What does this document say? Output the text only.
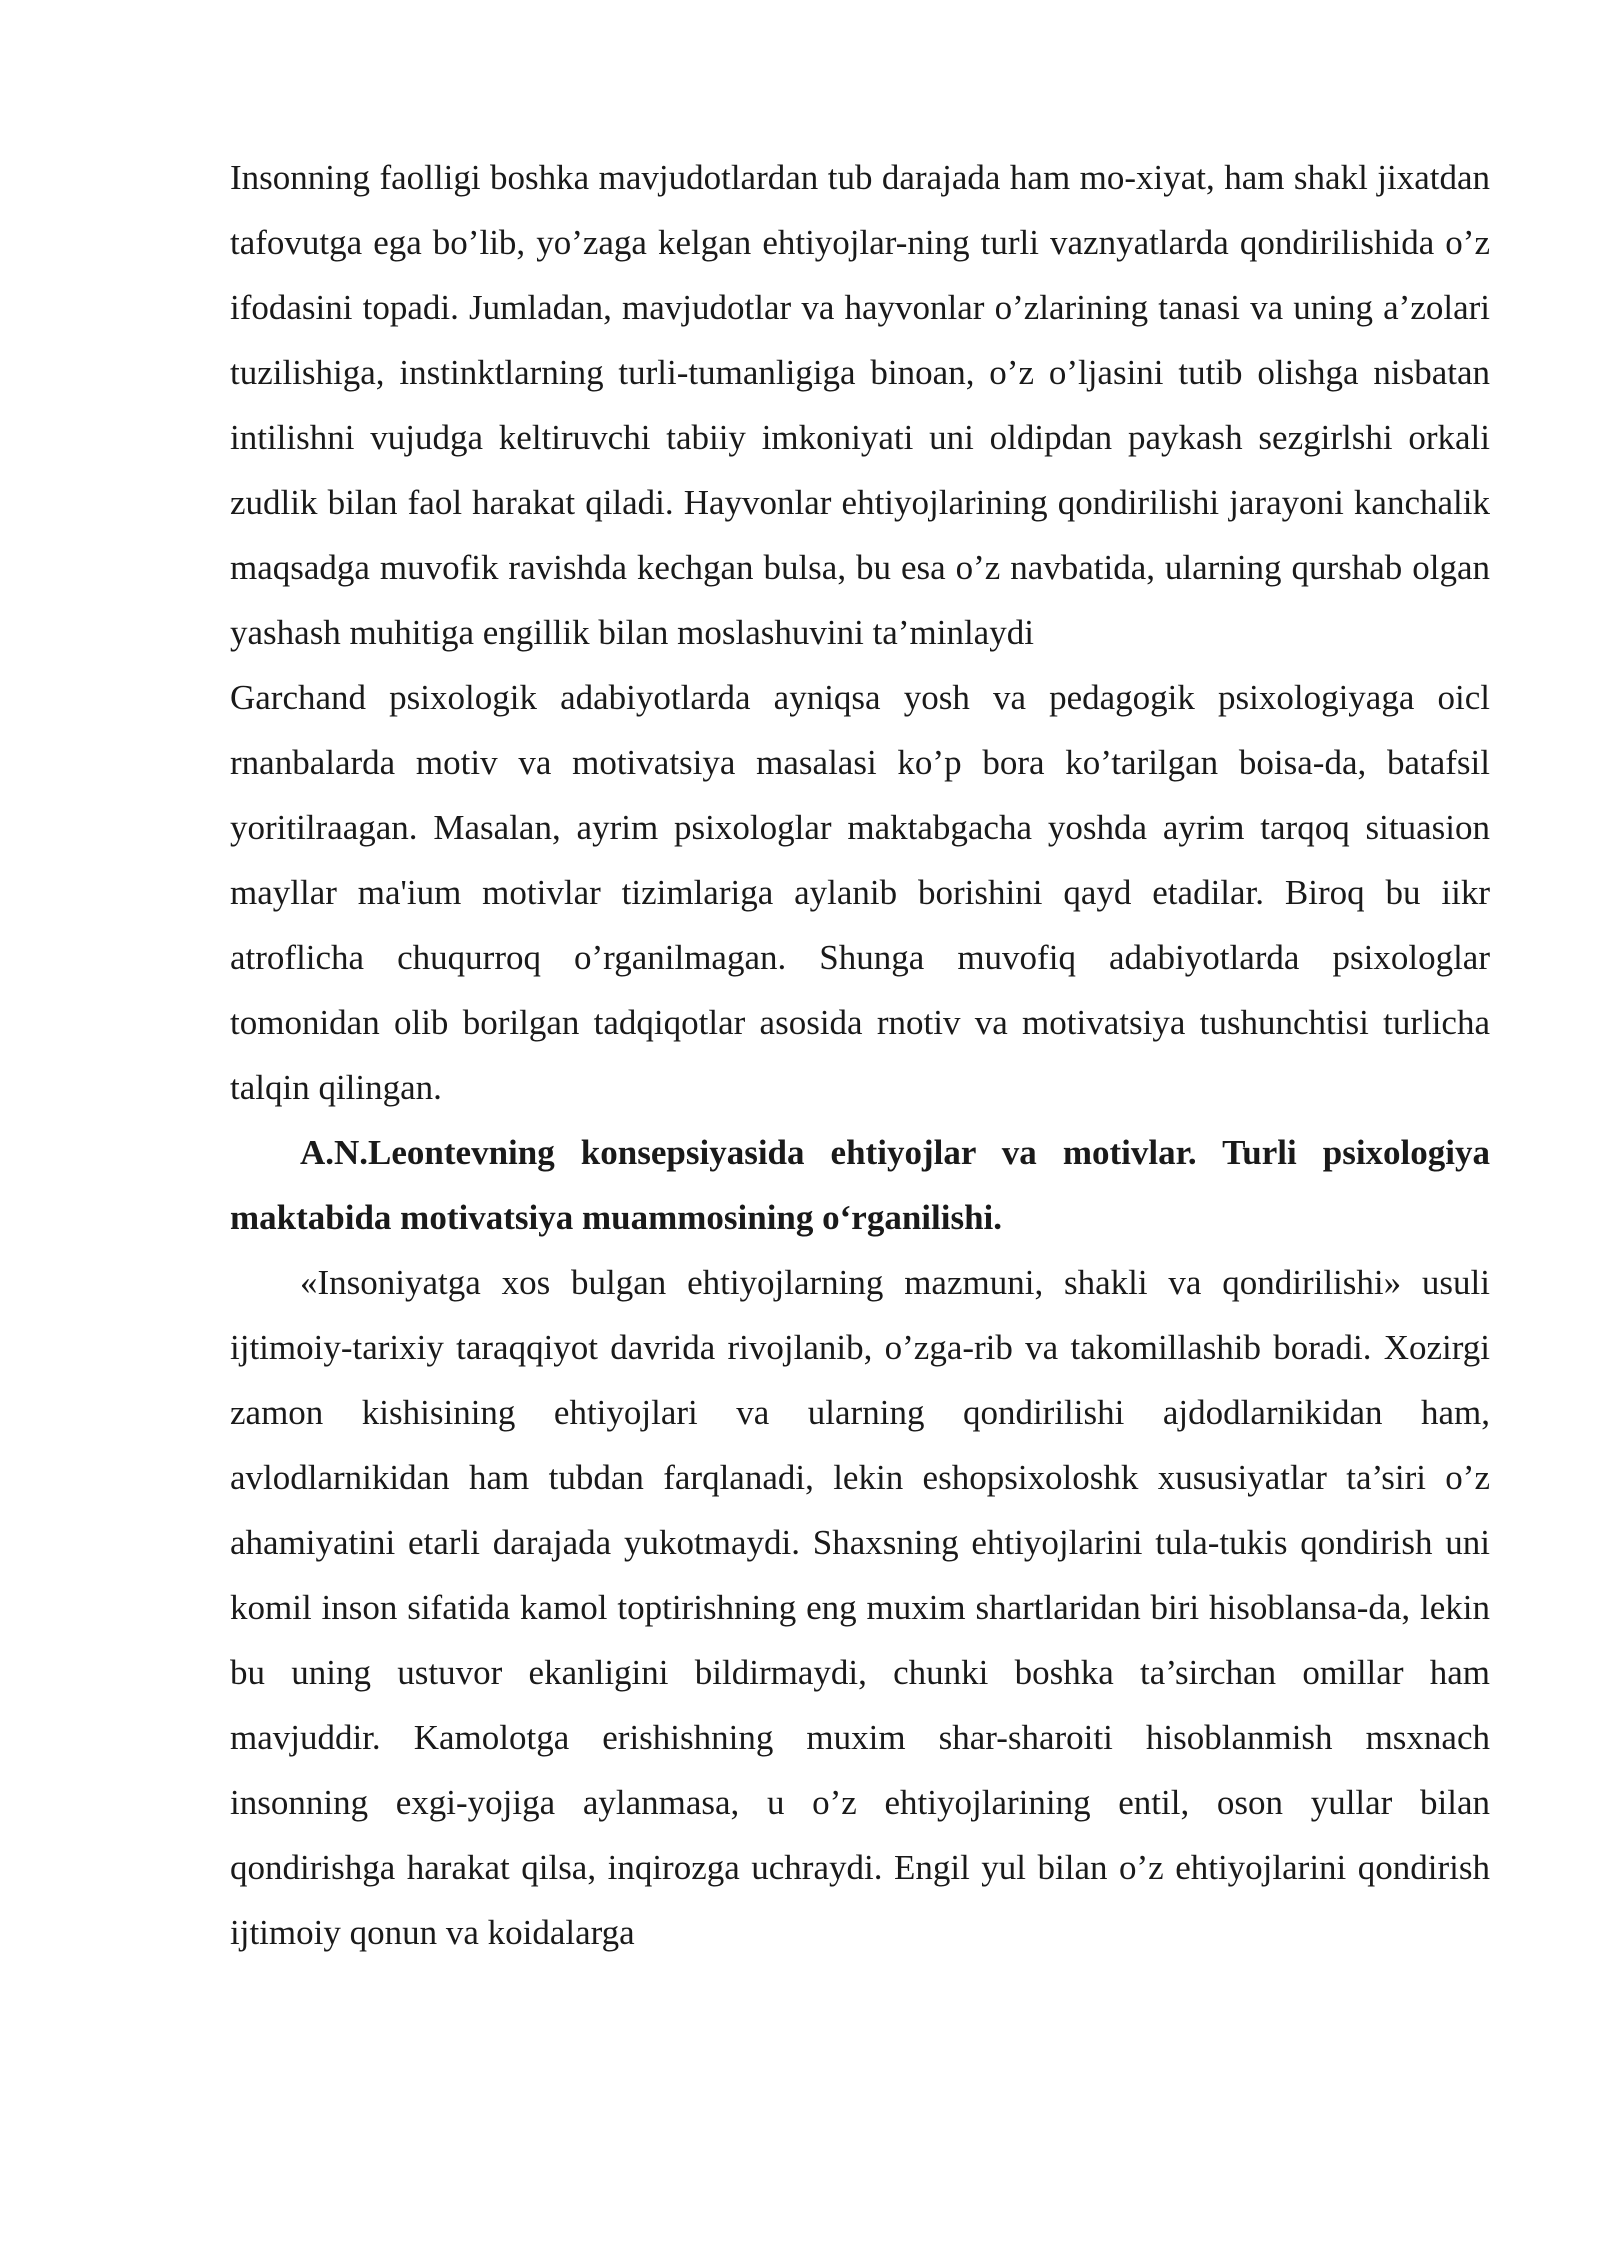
Insonning faolligi boshka mavjudotlardan tub darajada ham mo-xiyat, ham shakl jixatdan tafovutga ega bo’lib, yo’zaga kelgan ehtiyojlar-ning turli vaznyatlarda qondirilishida o’z ifodasini topadi. Jumladan, mavjudotlar va hayvonlar o’zlarining tanasi va uning a’zolari tuzilishiga, instinktlarning turli-tumanligiga binoan, o’z o’ljasini tutib olishga nisbatan intilishni vujudga keltiruvchi tabiiy imkoniyati uni oldipdan paykash sezgirlshi orkali zudlik bilan faol harakat qiladi. Hayvonlar ehtiyojlarining qondirilishi jarayoni kanchalik maqsadga muvofik ravishda kechgan bulsa, bu esa o’z navbatida, ularning qurshab olgan yashash muhitiga engillik bilan moslashuvini ta’minlaydi

Garchand psixologik adabiyotlarda ayniqsa yosh va pedagogik psixologiyaga oicl rnanbalarda motiv va motivatsiya masalasi ko’p bora ko’tarilgan boisa-da, batafsil yoritilraagan. Masalan, ayrim psixologlar maktabgacha yoshda ayrim tarqoq situasion mayllar ma'ium motivlar tizimlariga aylanib borishini qayd etadilar. Biroq bu iikr atroflicha chuqurroq o’rganilmagan. Shunga muvofiq adabiyotlarda psixologlar tomonidan olib borilgan tadqiqotlar asosida rnotiv va motivatsiya tushunchtisi turlicha talqin qilingan.

A.N.Leontevning konsepsiyasida ehtiyojlar va motivlar. Turli psixologiya maktabida motivatsiya muammosining oʻrganilishi.

«Insoniyatga xos bulgan ehtiyojlarning mazmuni, shakli va qondirilishi» usuli ijtimoiy-tarixiy taraqqiyot davrida rivojlanib, o’zga-rib va takomillashib boradi. Xozirgi zamon kishisining ehtiyojlari va ularning qondirilishi ajdodlarnikidan ham, avlodlarnikidan ham tubdan farqlanadi, lekin eshopsixoloshk xususiyatlar ta’siri o’z ahamiyatini etarli darajada yukotmaydi. Shaxsning ehtiyojlarini tula-tukis qondirish uni komil inson sifatida kamol toptirishning eng muxim shartlaridan biri hisoblansa-da, lekin bu uning ustuvor ekanligini bildirmaydi, chunki boshka ta’sirchan omillar ham mavjuddir. Kamolotga erishishning muxim shar-sharoiti hisoblanmish msxnach insonning exgi-yojiga aylanmasa, u o’z ehtiyojlarining entil, oson yullar bilan qondirishga harakat qilsa, inqirozga uchraydi. Engil yul bilan o’z ehtiyojlarini qondirish ijtimoiy qonun va koidalarga
